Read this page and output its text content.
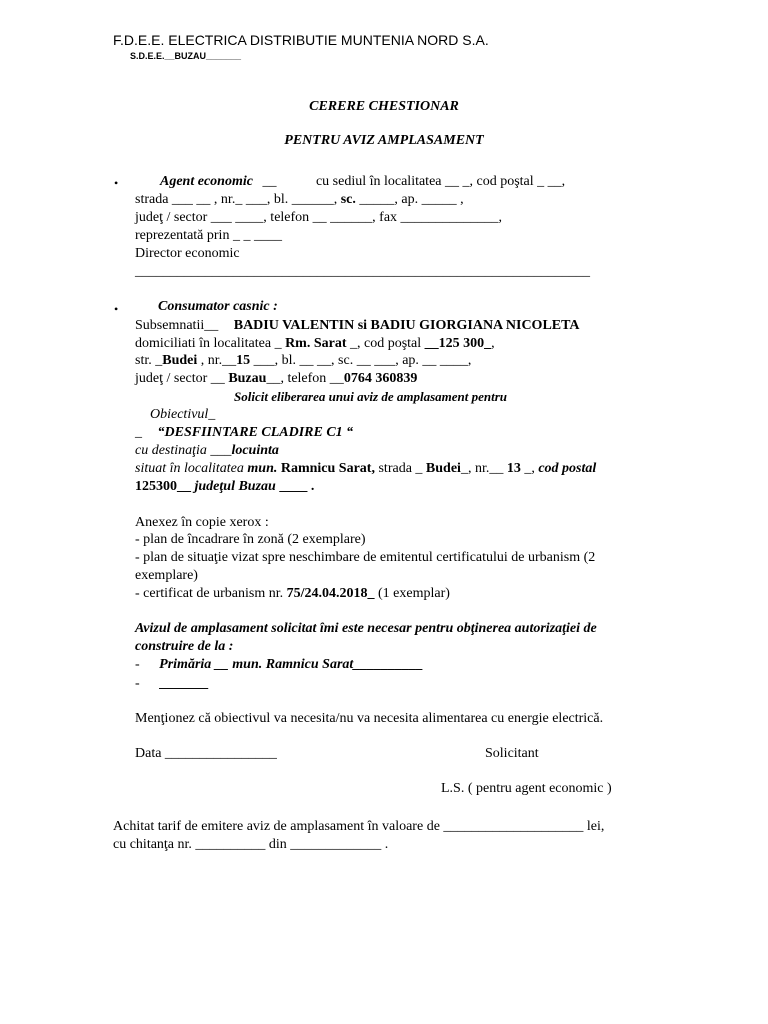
F.D.E.E. ELECTRICA DISTRIBUTIE MUNTENIA NORD S.A.
S.D.E.E.__BUZAU_______
CERERE CHESTIONAR
PENTRU AVIZ AMPLASAMENT
•	Agent economic __	cu sediul în localitatea __ _, cod poştal _ __,
strada ___ __ , nr._ ___, bl. ______, sc. _____, ap. _____ ,
judeţ / sector ___ ____, telefon __ ______, fax ______________,
reprezentată prin _ _ ____
Director economic
_________________________________________________________________
•	Consumator casnic :
Subsemnatii__ BADIU VALENTIN si BADIU GIORGIANA NICOLETA
domiciliati în localitatea _ Rm. Sarat _, cod poştal __125 300_,
str. _Budei , nr.__15 ___, bl. __ __, sc. __ ___, ap. __ ____,
judeţ / sector __ Buzau__, telefon __0764 360839
Solicit eliberarea unui aviz de amplasament pentru
Obiectivul_
_ “DESFIINTARE CLADIRE C1 “
cu destinaţia ___locuinta
situat în localitatea mun. Ramnicu Sarat, strada _ Budei_, nr.__ 13 _, cod postal
125300__ judeţul Buzau ____ .
Anexez în copie xerox :
- plan de încadrare în zonă (2 exemplare)
- plan de situaţie vizat spre neschimbare de emitentul certificatului de urbanism (2
exemplare)
- certificat de urbanism nr. 75/24.04.2018_ (1 exemplar)
Avizul de amplasament solicitat îmi este necesar pentru obţinerea autorizaţiei de
construire de la :
- Primăria __ mun. Ramnicu Sarat__________
- _______
Menţionez că obiectivul va necesita/nu va necesita alimentarea cu energie electrică.
Data ________________	Solicitant
L.S. ( pentru agent economic )
Achitat tarif de emitere aviz de amplasament în valoare de ____________________ lei,
cu chitanţa nr. __________ din _____________ .
